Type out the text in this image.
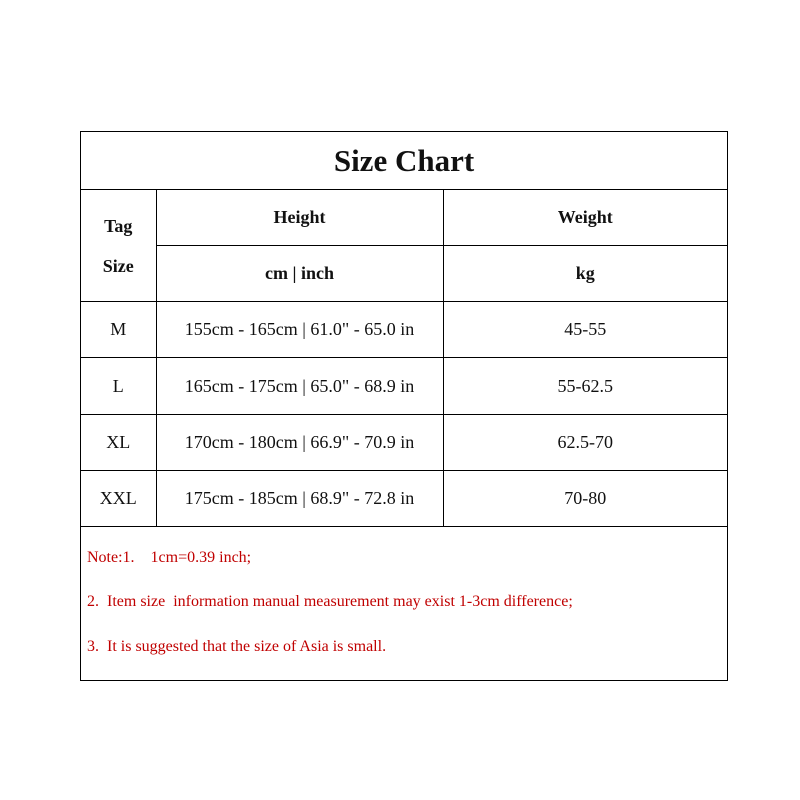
Size Chart
Tag
Size	Height	Weight
	cm | inch	kg
M	155cm - 165cm | 61.0" - 65.0 in	45-55
L	165cm - 175cm | 65.0" - 68.9 in	55-62.5
XL	170cm - 180cm | 66.9" - 70.9 in	62.5-70
XXL	175cm - 185cm | 68.9" - 72.8 in	70-80
Note:1.    1cm=0.39 inch;
2.  Item size  information manual measurement may exist 1-3cm difference;
3.  It is suggested that the size of Asia is small.
